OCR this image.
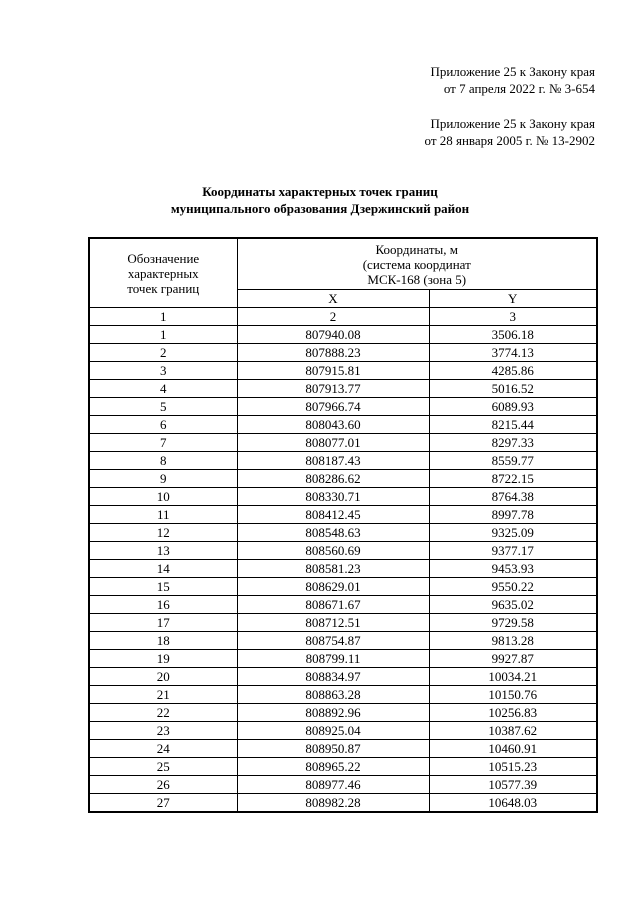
Приложение 25 к Закону края
от 7 апреля 2022 г. № 3-654
Приложение 25 к Закону края
от 28 января 2005 г. № 13-2902
Координаты характерных точек границ
муниципального образования Дзержинский район
Обозначение
характерных
точек границ	Координаты, м
(система координат
МСК-168 (зона 5)	

	X	Y
1	2	3
1	807940.08	3506.18
2	807888.23	3774.13
3	807915.81	4285.86
4	807913.77	5016.52
5	807966.74	6089.93
6	808043.60	8215.44
7	808077.01	8297.33
8	808187.43	8559.77
9	808286.62	8722.15
10	808330.71	8764.38
11	808412.45	8997.78
12	808548.63	9325.09
13	808560.69	9377.17
14	808581.23	9453.93
15	808629.01	9550.22
16	808671.67	9635.02
17	808712.51	9729.58
18	808754.87	9813.28
19	808799.11	9927.87
20	808834.97	10034.21
21	808863.28	10150.76
22	808892.96	10256.83
23	808925.04	10387.62
24	808950.87	10460.91
25	808965.22	10515.23
26	808977.46	10577.39
27	808982.28	10648.03
